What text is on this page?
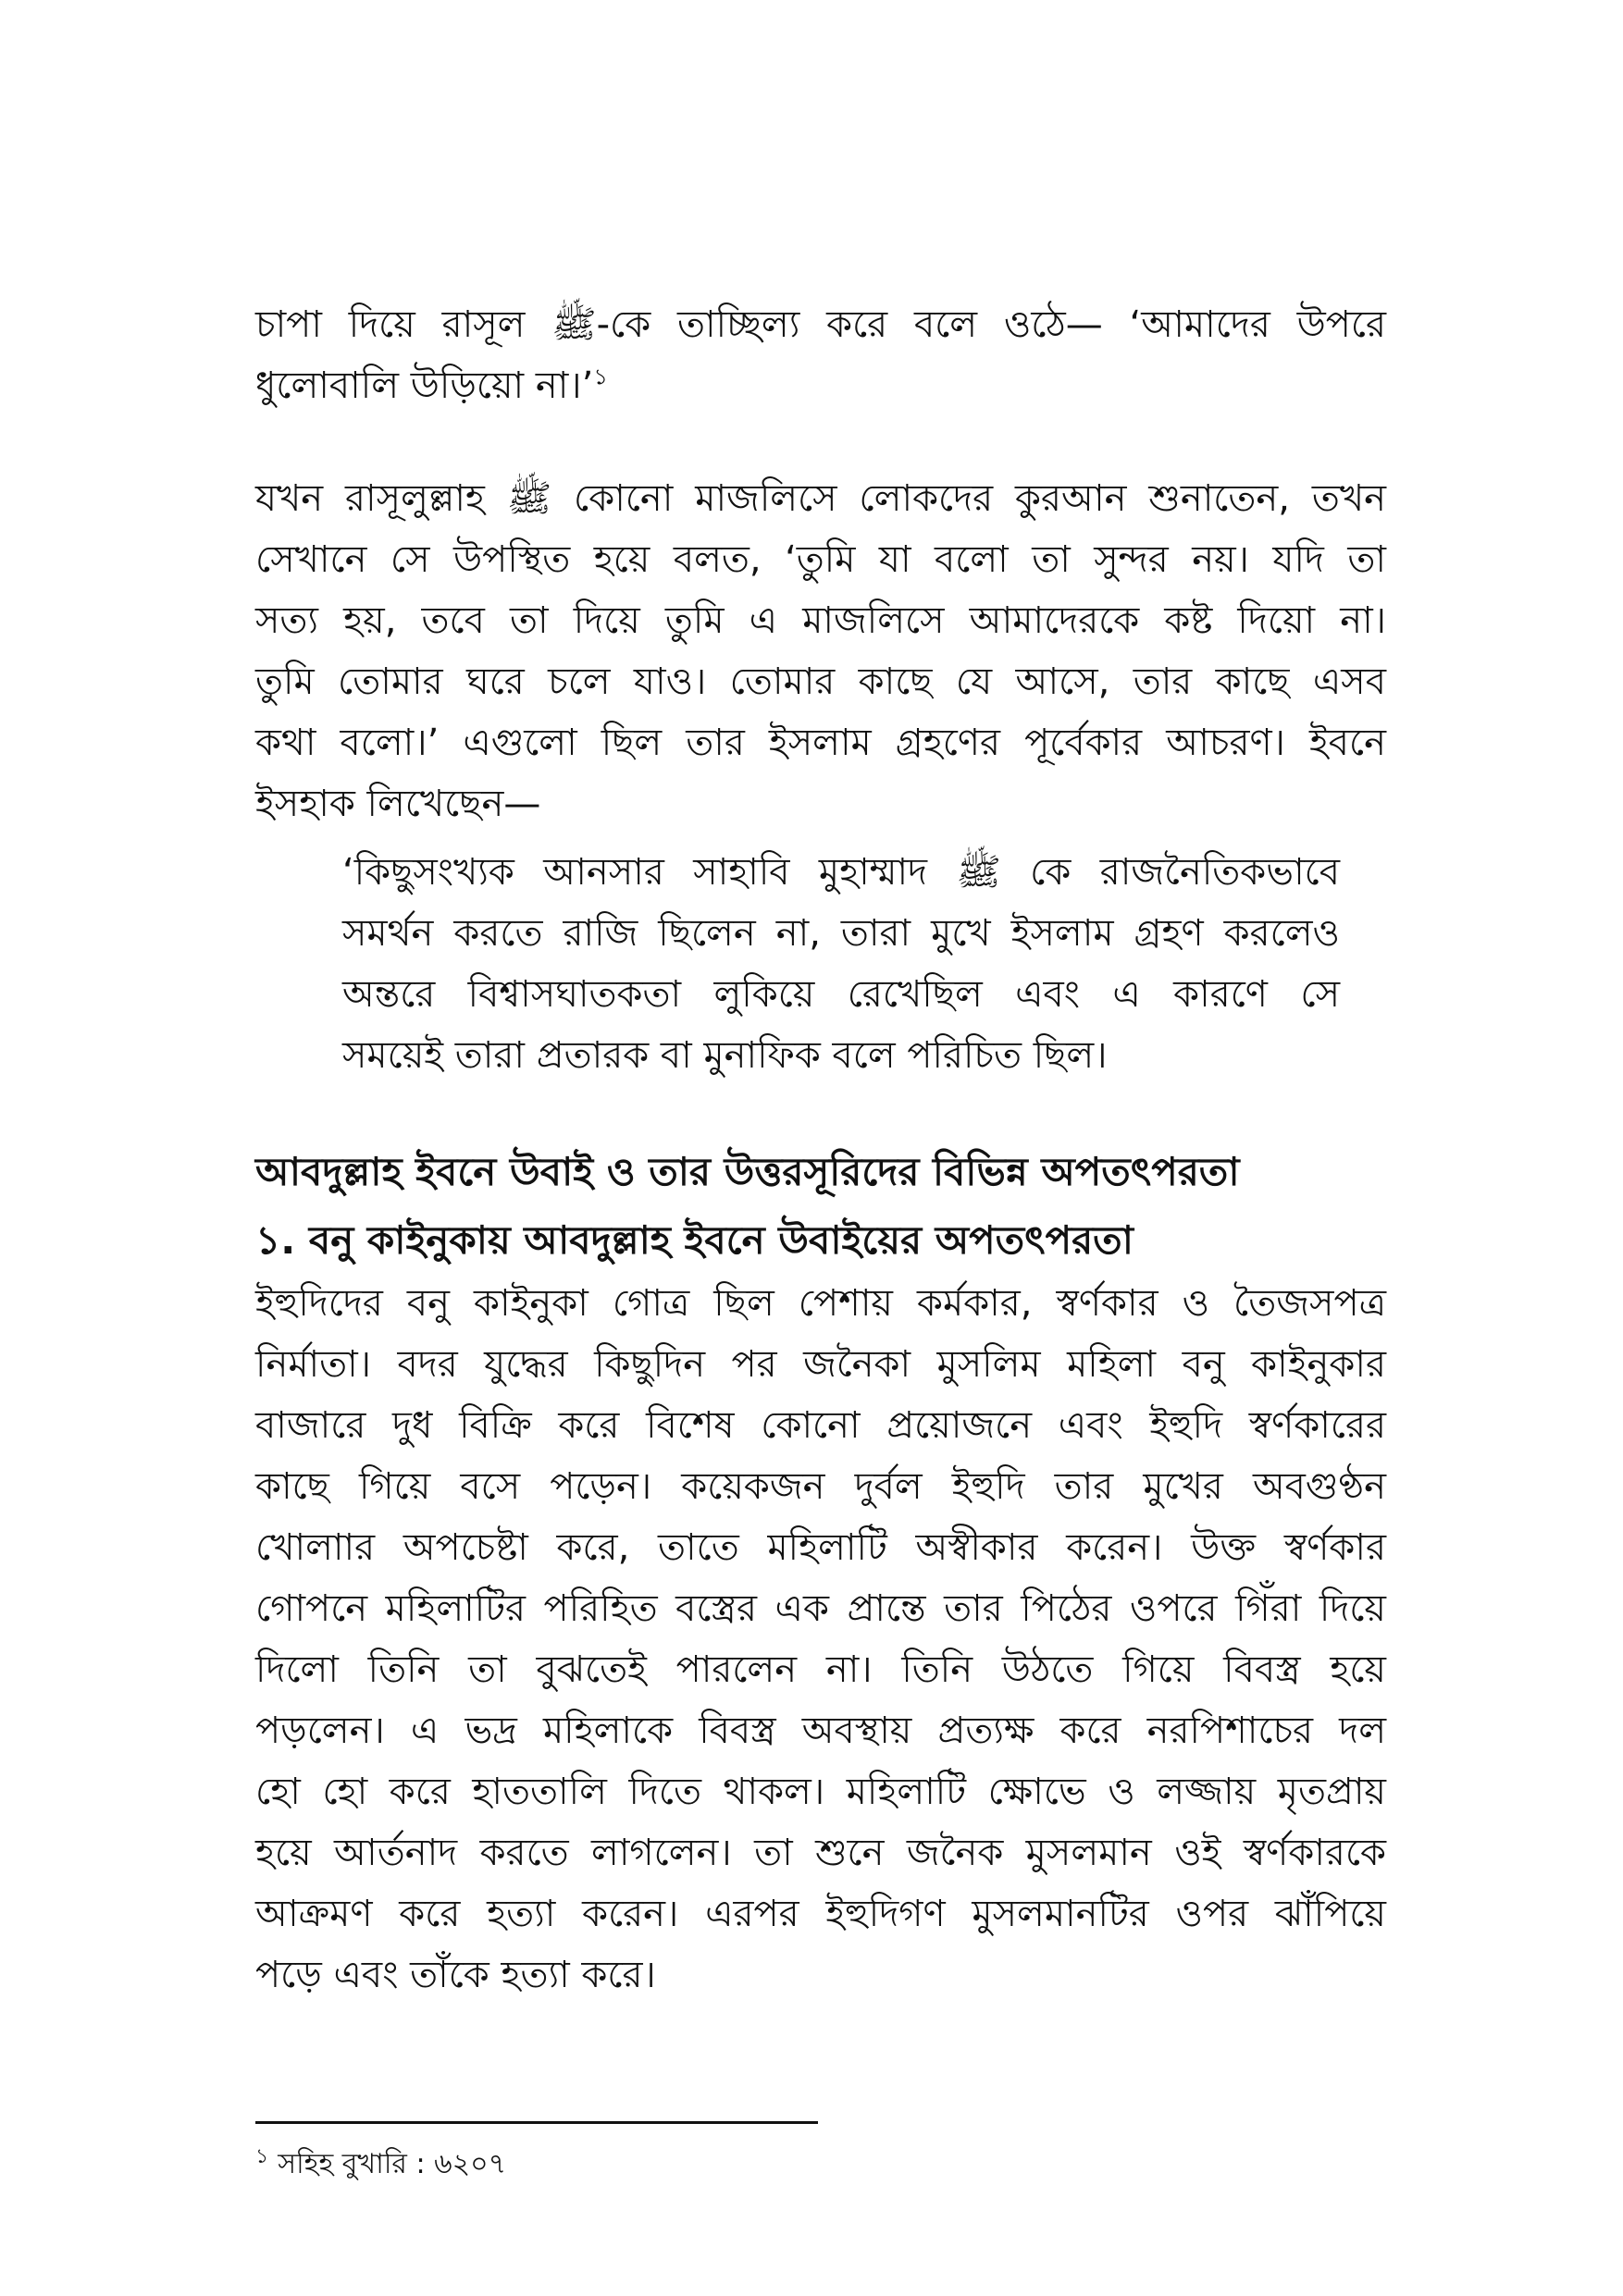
চাপা দিয়ে রাসূল ﷺ-কে তাচ্ছিল্য করে বলে ওঠে— ‘আমাদের উপরে
ধুলোবালি উড়িয়ো না।’$^১$

যখন রাসূলুল্লাহ ﷺ কোনো মাজলিসে লোকদের কুরআন শুনাতেন, তখন
সেখানে সে উপস্থিত হয়ে বলত, ‘তুমি যা বলো তা সুন্দর নয়। যদি তা
সত্য হয়, তবে তা দিয়ে তুমি এ মাজলিসে আমাদেরকে কষ্ট দিয়ো না।
তুমি তোমার ঘরে চলে যাও। তোমার কাছে যে আসে, তার কাছে এসব
কথা বলো।’ এগুলো ছিল তার ইসলাম গ্রহণের পূর্বেকার আচরণ। ইবনে
ইসহাক লিখেছেন—

‘কিছুসংখ্যক আনসার সাহাবি মুহাম্মাদ ﷺ কে রাজনৈতিকভাবে
সমর্থন করতে রাজি ছিলেন না, তারা মুখে ইসলাম গ্রহণ করলেও
অন্তরে বিশ্বাসঘাতকতা লুকিয়ে রেখেছিল এবং এ কারণে সে
সময়েই তারা প্রতারক বা মুনাফিক বলে পরিচিত ছিল।
আবদুল্লাহ ইবনে উবাই ও তার উত্তরসূরিদের বিভিন্ন অপতৎপরতা
১. বনু কাইনুকায় আবদুল্লাহ ইবনে উবাইয়ের অপতৎপরতা

ইহুদিদের বনু কাইনুকা গোত্র ছিল পেশায় কর্মকার, স্বর্ণকার ও তৈজসপত্র
নির্মাতা। বদর যুদ্ধের কিছুদিন পর জনৈকা মুসলিম মহিলা বনু কাইনুকার
বাজারে দুধ বিক্রি করে বিশেষ কোনো প্রয়োজনে এবং ইহুদি স্বর্ণকারের
কাছে গিয়ে বসে পড়েন। কয়েকজন দুর্বল ইহুদি তার মুখের অবগুণ্ঠন
খোলাার অপচেষ্টা করে, তাতে মহিলাটি অস্বীকার করেন। উক্ত স্বর্ণকার
গোপনে মহিলাটির পরিহিত বস্ত্রের এক প্রান্তে তার পিঠের ওপরে গিঁরা দিয়ে
দিলো তিনি তা বুঝতেই পারলেন না। তিনি উঠতে গিয়ে বিবস্ত্র হয়ে
পড়লেন। এ ভদ্র মহিলাকে বিবস্ত্র অবস্থায় প্রত্যক্ষ করে নরপিশাচের দল
হো হো করে হাততালি দিতে থাকল। মহিলাটি ক্ষোভে ও লজ্জায় মৃতপ্রায়
হয়ে আর্তনাদ করতে লাগলেন। তা শুনে জনৈক মুসলমান ওই স্বর্ণকারকে
আক্রমণ করে হত্যা করেন। এরপর ইহুদিগণ মুসলমানটির ওপর ঝাঁপিয়ে
পড়ে এবং তাঁকে হত্যা করে।

$^১$ সহিহ বুখারি : ৬২০৭
